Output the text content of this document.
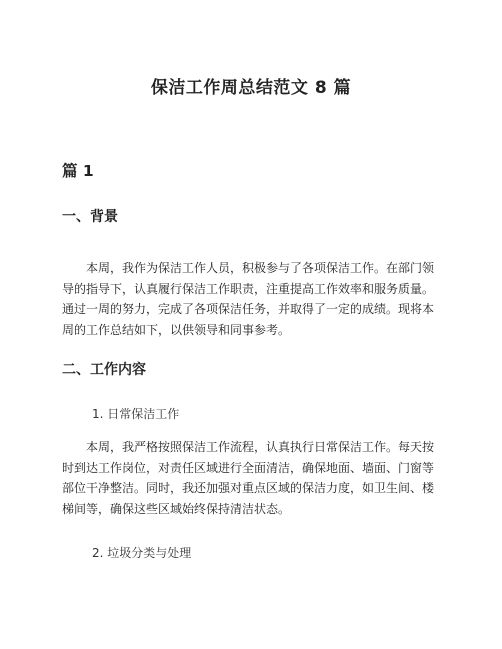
保洁工作周总结范文 8 篇
篇 1
一、背景

本周，我作为保洁工作人员，积极参与了各项保洁工作。在部门领导的指导下，认真履行保洁工作职责，注重提高工作效率和服务质量。通过一周的努力，完成了各项保洁任务，并取得了一定的成绩。现将本周的工作总结如下，以供领导和同事参考。

二、工作内容
1. 日常保洁工作

本周，我严格按照保洁工作流程，认真执行日常保洁工作。每天按时到达工作岗位，对责任区域进行全面清洁，确保地面、墙面、门窗等部位干净整洁。同时，我还加强对重点区域的保洁力度，如卫生间、楼梯间等，确保这些区域始终保持清洁状态。

2. 垃圾分类与处理
